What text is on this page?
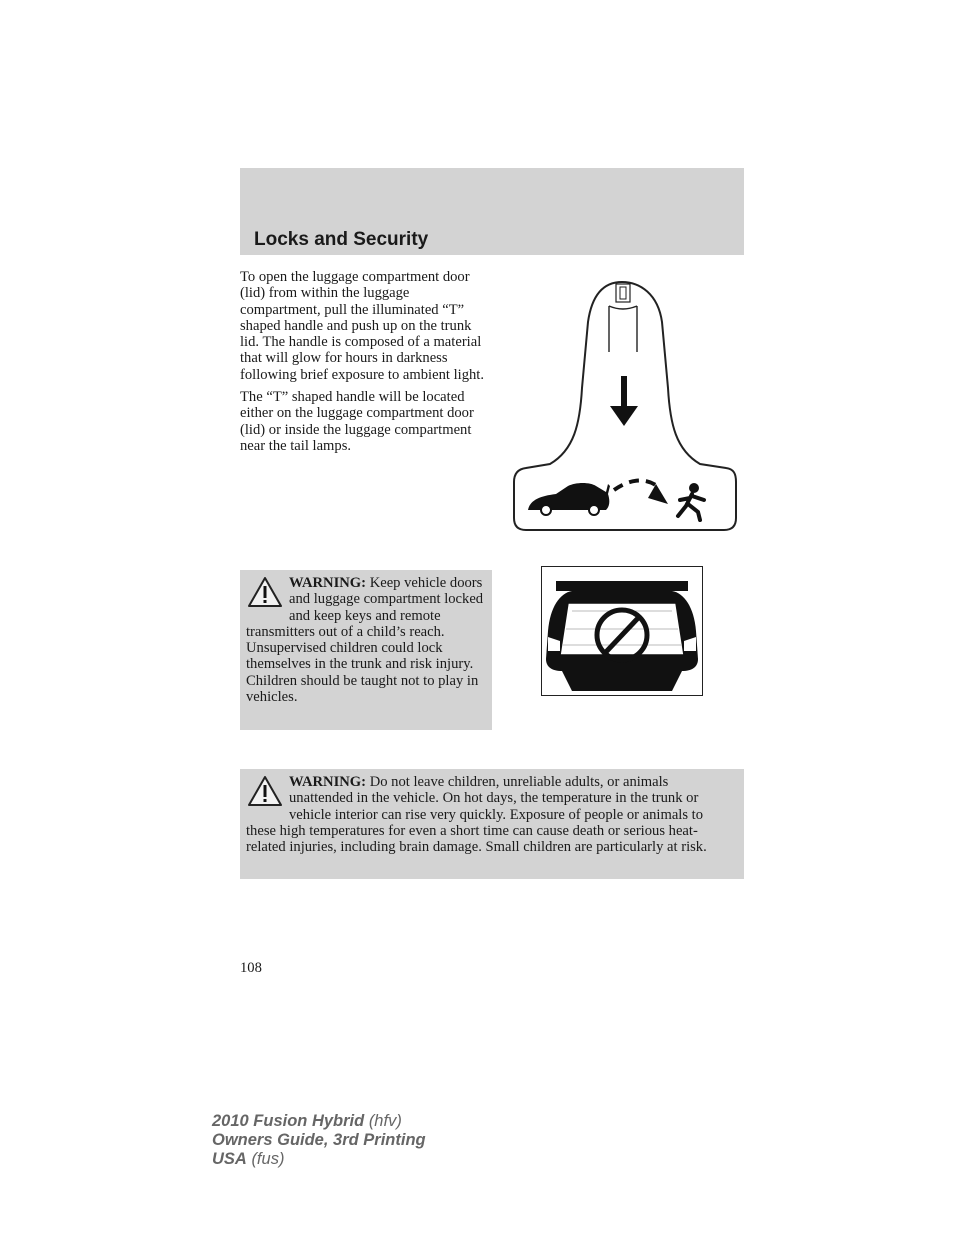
Locks and Security

To open the luggage compartment door (lid) from within the luggage compartment, pull the illuminated “T” shaped handle and push up on the trunk lid. The handle is composed of a material that will glow for hours in darkness following brief exposure to ambient light.

The “T” shaped handle will be located either on the luggage compartment door (lid) or inside the luggage compartment near the tail lamps.

WARNING: Keep vehicle doors and luggage compartment locked and keep keys and remote transmitters out of a child’s reach. Unsupervised children could lock themselves in the trunk and risk injury. Children should be taught not to play in vehicles.
WARNING: Do not leave children, unreliable adults, or animals unattended in the vehicle. On hot days, the temperature in the trunk or vehicle interior can rise very quickly. Exposure of people or animals to these high temperatures for even a short time can cause death or serious heat-related injuries, including brain damage. Small children are particularly at risk.
108
2010 Fusion Hybrid (hfv)
Owners Guide, 3rd Printing
USA (fus)
